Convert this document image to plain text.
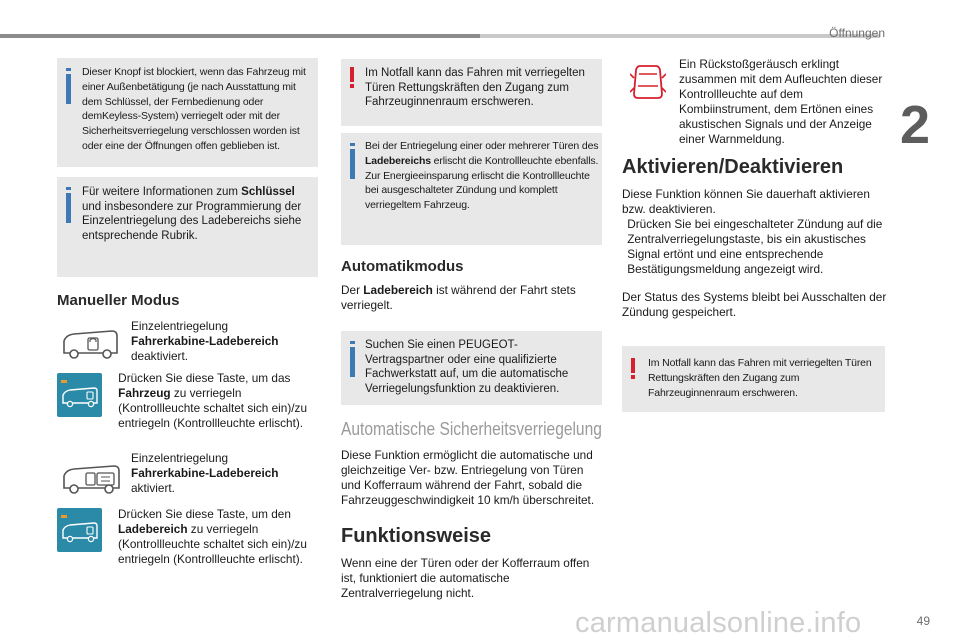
Öffnungen
2
Dieser Knopf ist blockiert, wenn das Fahrzeug mit einer Außenbetätigung (je nach Ausstattung mit dem Schlüssel, der Fernbedienung oder demKeyless-System) verriegelt oder mit der Sicherheitsverriegelung verschlossen worden ist oder eine der Öffnungen offen geblieben ist.
Für weitere Informationen zum Schlüssel und insbesondere zur Programmierung der Einzelentriegelung des Ladebereichs siehe entsprechende Rubrik.
Manueller Modus
Einzelentriegelung
Fahrerkabine-Ladebereich
deaktiviert.
Drücken Sie diese Taste, um das Fahrzeug zu verriegeln (Kontrollleuchte schaltet sich ein)/zu entriegeln (Kontrollleuchte erlischt).
Einzelentriegelung
Fahrerkabine-Ladebereich
aktiviert.
Drücken Sie diese Taste, um den Ladebereich zu verriegeln (Kontrollleuchte schaltet sich ein)/zu entriegeln (Kontrollleuchte erlischt).
Im Notfall kann das Fahren mit verriegelten Türen Rettungskräften den Zugang zum Fahrzeuginnenraum erschweren.
Bei der Entriegelung einer oder mehrerer Türen des Ladebereichs erlischt die Kontrollleuchte ebenfalls.
Zur Energieeinsparung erlischt die Kontrollleuchte bei ausgeschalteter Zündung und komplett verriegeltem Fahrzeug.
Automatikmodus
Der Ladebereich ist während der Fahrt stets verriegelt.
Suchen Sie einen PEUGEOT-Vertragspartner oder eine qualifizierte Fachwerkstatt auf, um die automatische Verriegelungsfunktion zu deaktivieren.
Automatische Sicherheitsverriegelung
Diese Funktion ermöglicht die automatische und gleichzeitige Ver- bzw. Entriegelung von Türen und Kofferraum während der Fahrt, sobald die Fahrzeuggeschwindigkeit 10 km/h überschreitet.
Funktionsweise
Wenn eine der Türen oder der Kofferraum offen ist, funktioniert die automatische Zentralverriegelung nicht.
Ein Rückstoßgeräusch erklingt zusammen mit dem Aufleuchten dieser Kontrollleuchte auf dem Kombiinstrument, dem Ertönen eines akustischen Signals und der Anzeige einer Warnmeldung.
Aktivieren/Deaktivieren
Diese Funktion können Sie dauerhaft aktivieren bzw. deaktivieren.
Drücken Sie bei eingeschalteter Zündung auf die Zentralverriegelungstaste, bis ein akustisches Signal ertönt und eine entsprechende Bestätigungsmeldung angezeigt wird.
Der Status des Systems bleibt bei Ausschalten der Zündung gespeichert.
Im Notfall kann das Fahren mit verriegelten Türen Rettungskräften den Zugang zum Fahrzeuginnenraum erschweren.
carmanualsonline.info	49
